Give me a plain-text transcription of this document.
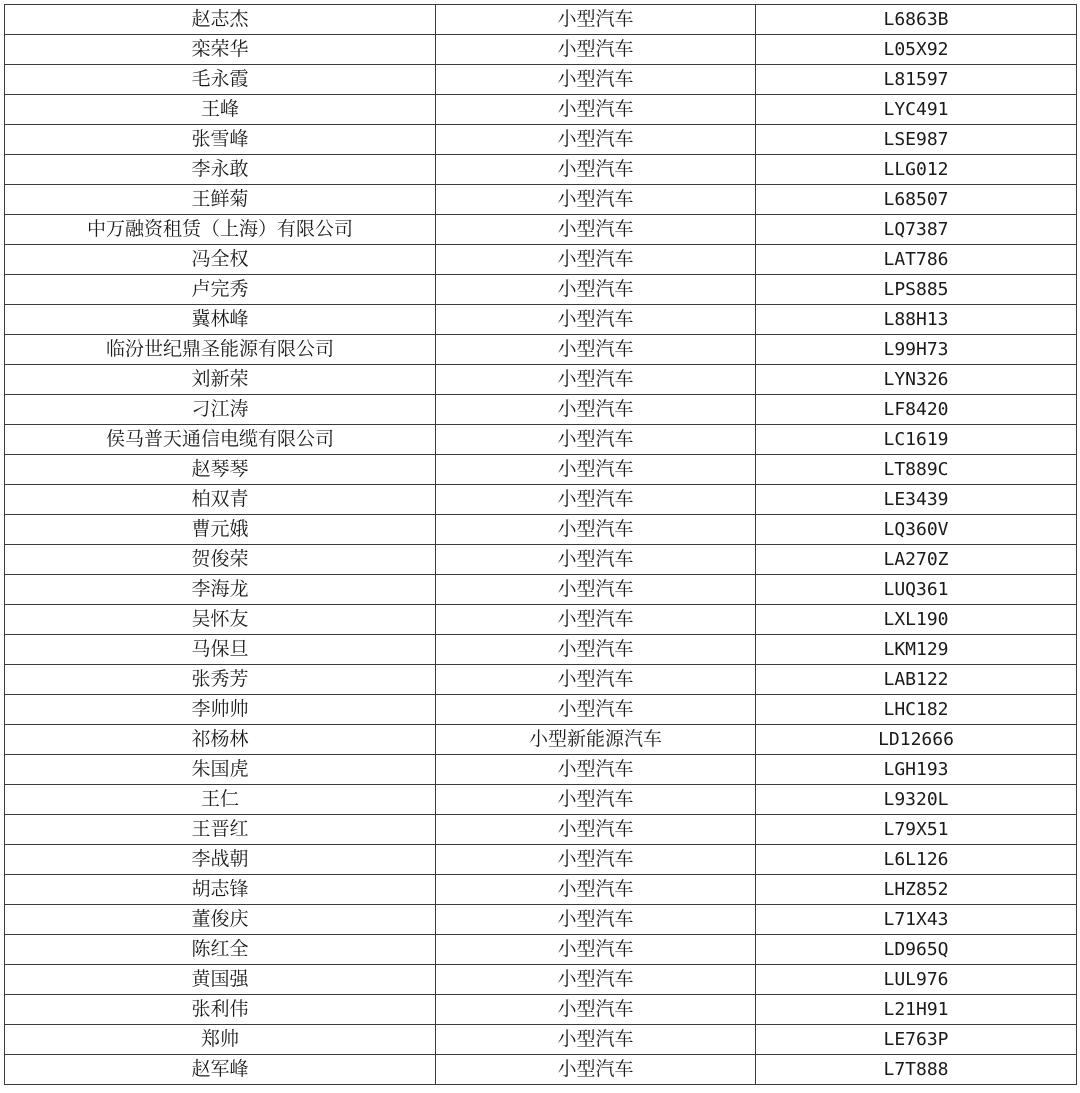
赵志杰	小型汽车	L6863B
栾荣华	小型汽车	L05X92
毛永霞	小型汽车	L81597
王峰	小型汽车	LYC491
张雪峰	小型汽车	LSE987
李永敢	小型汽车	LLG012
王鲜菊	小型汽车	L68507
中万融资租赁（上海）有限公司	小型汽车	LQ7387
冯全权	小型汽车	LAT786
卢完秀	小型汽车	LPS885
冀林峰	小型汽车	L88H13
临汾世纪鼎圣能源有限公司	小型汽车	L99H73
刘新荣	小型汽车	LYN326
刁江涛	小型汽车	LF8420
侯马普天通信电缆有限公司	小型汽车	LC1619
赵琴琴	小型汽车	LT889C
柏双青	小型汽车	LE3439
曹元娥	小型汽车	LQ360V
贺俊荣	小型汽车	LA270Z
李海龙	小型汽车	LUQ361
吴怀友	小型汽车	LXL190
马保旦	小型汽车	LKM129
张秀芳	小型汽车	LAB122
李帅帅	小型汽车	LHC182
祁杨林	小型新能源汽车	LD12666
朱国虎	小型汽车	LGH193
王仁	小型汽车	L9320L
王晋红	小型汽车	L79X51
李战朝	小型汽车	L6L126
胡志锋	小型汽车	LHZ852
董俊庆	小型汽车	L71X43
陈红全	小型汽车	LD965Q
黄国强	小型汽车	LUL976
张利伟	小型汽车	L21H91
郑帅	小型汽车	LE763P
赵军峰	小型汽车	L7T888
